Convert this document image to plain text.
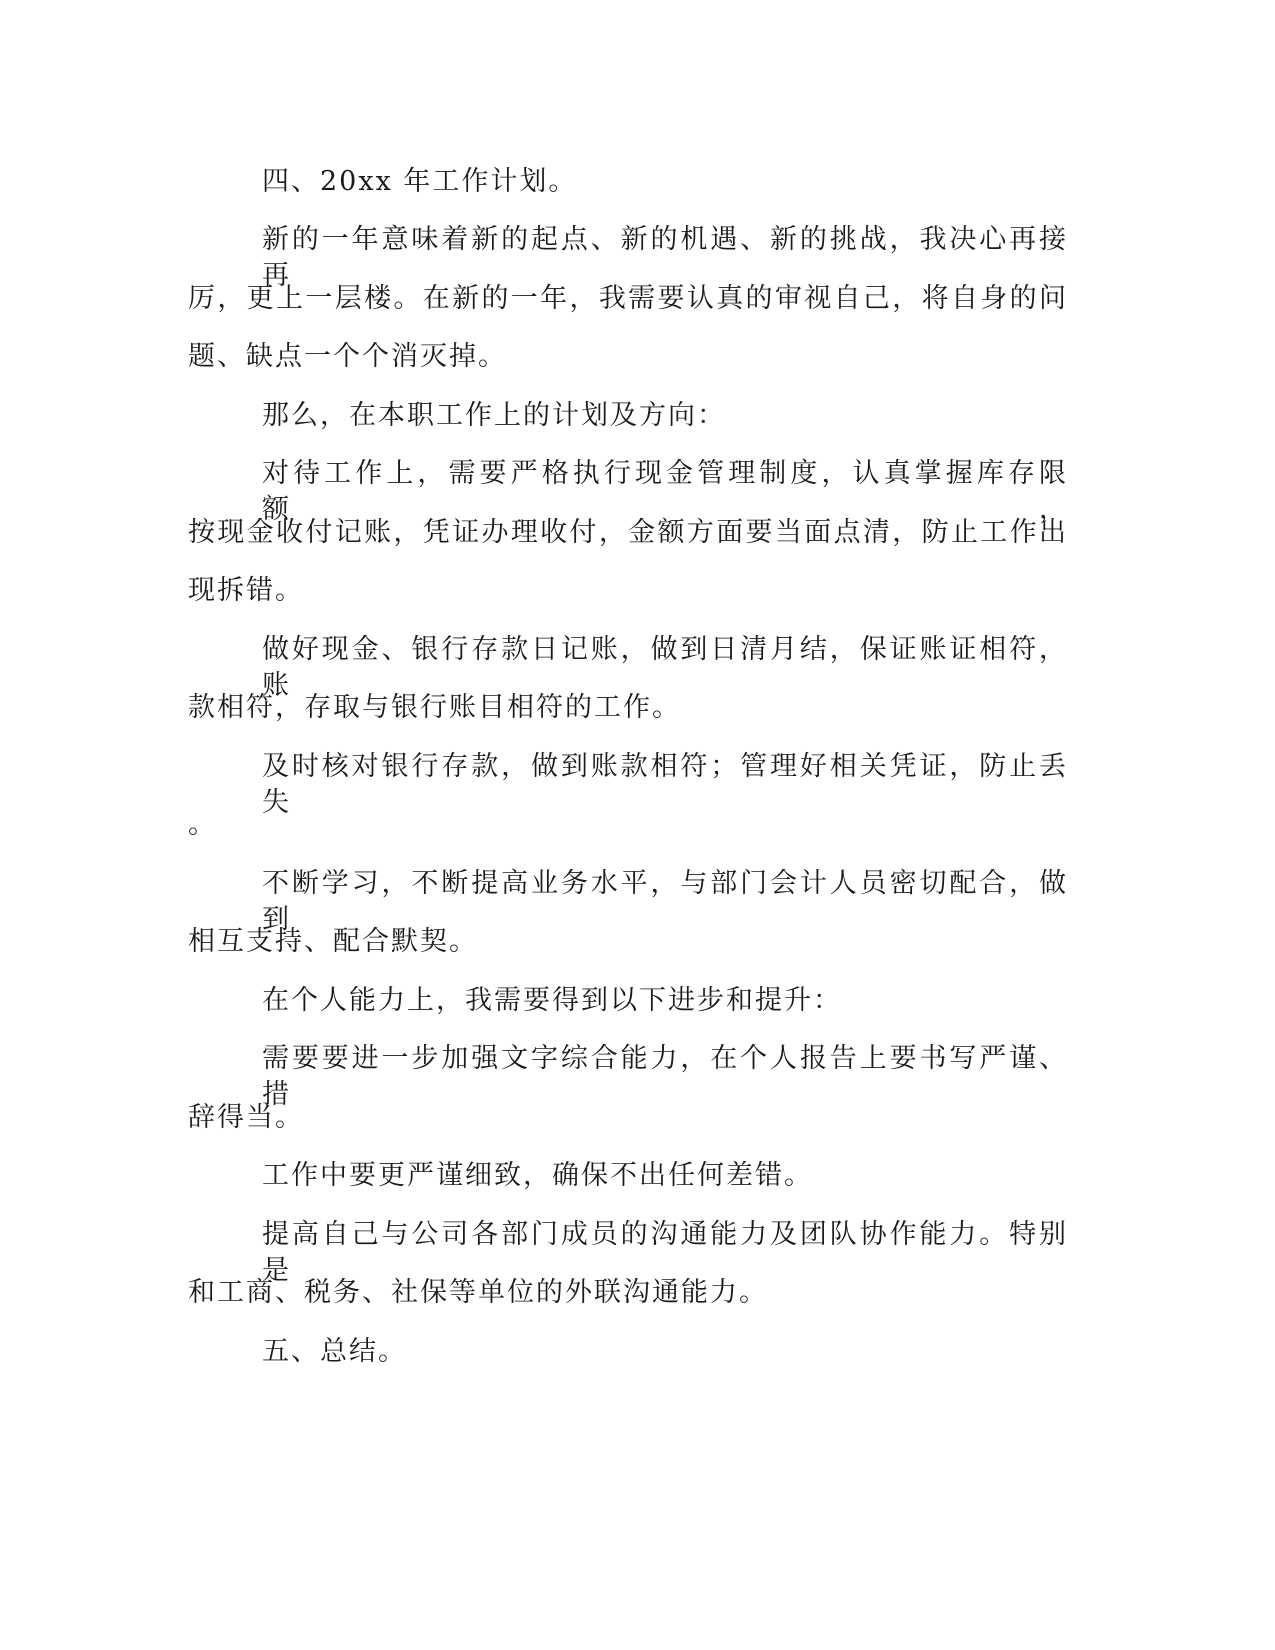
四、20xx 年工作计划。
新的一年意味着新的起点、新的机遇、新的挑战，我决心再接再
厉，更上一层楼。在新的一年，我需要认真的审视自己，将自身的问
题、缺点一个个消灭掉。
那么，在本职工作上的计划及方向：
对待工作上，需要严格执行现金管理制度，认真掌握库存限额，
按现金收付记账，凭证办理收付，金额方面要当面点清，防止工作出
现拆错。
做好现金、银行存款日记账，做到日清月结，保证账证相符，账
款相符，存取与银行账目相符的工作。
及时核对银行存款，做到账款相符；管理好相关凭证，防止丢失
。
不断学习，不断提高业务水平，与部门会计人员密切配合，做到
相互支持、配合默契。
在个人能力上，我需要得到以下进步和提升：
需要要进一步加强文字综合能力，在个人报告上要书写严谨、措
辞得当。
工作中要更严谨细致，确保不出任何差错。
提高自己与公司各部门成员的沟通能力及团队协作能力。特别是
和工商、税务、社保等单位的外联沟通能力。
五、总结。
